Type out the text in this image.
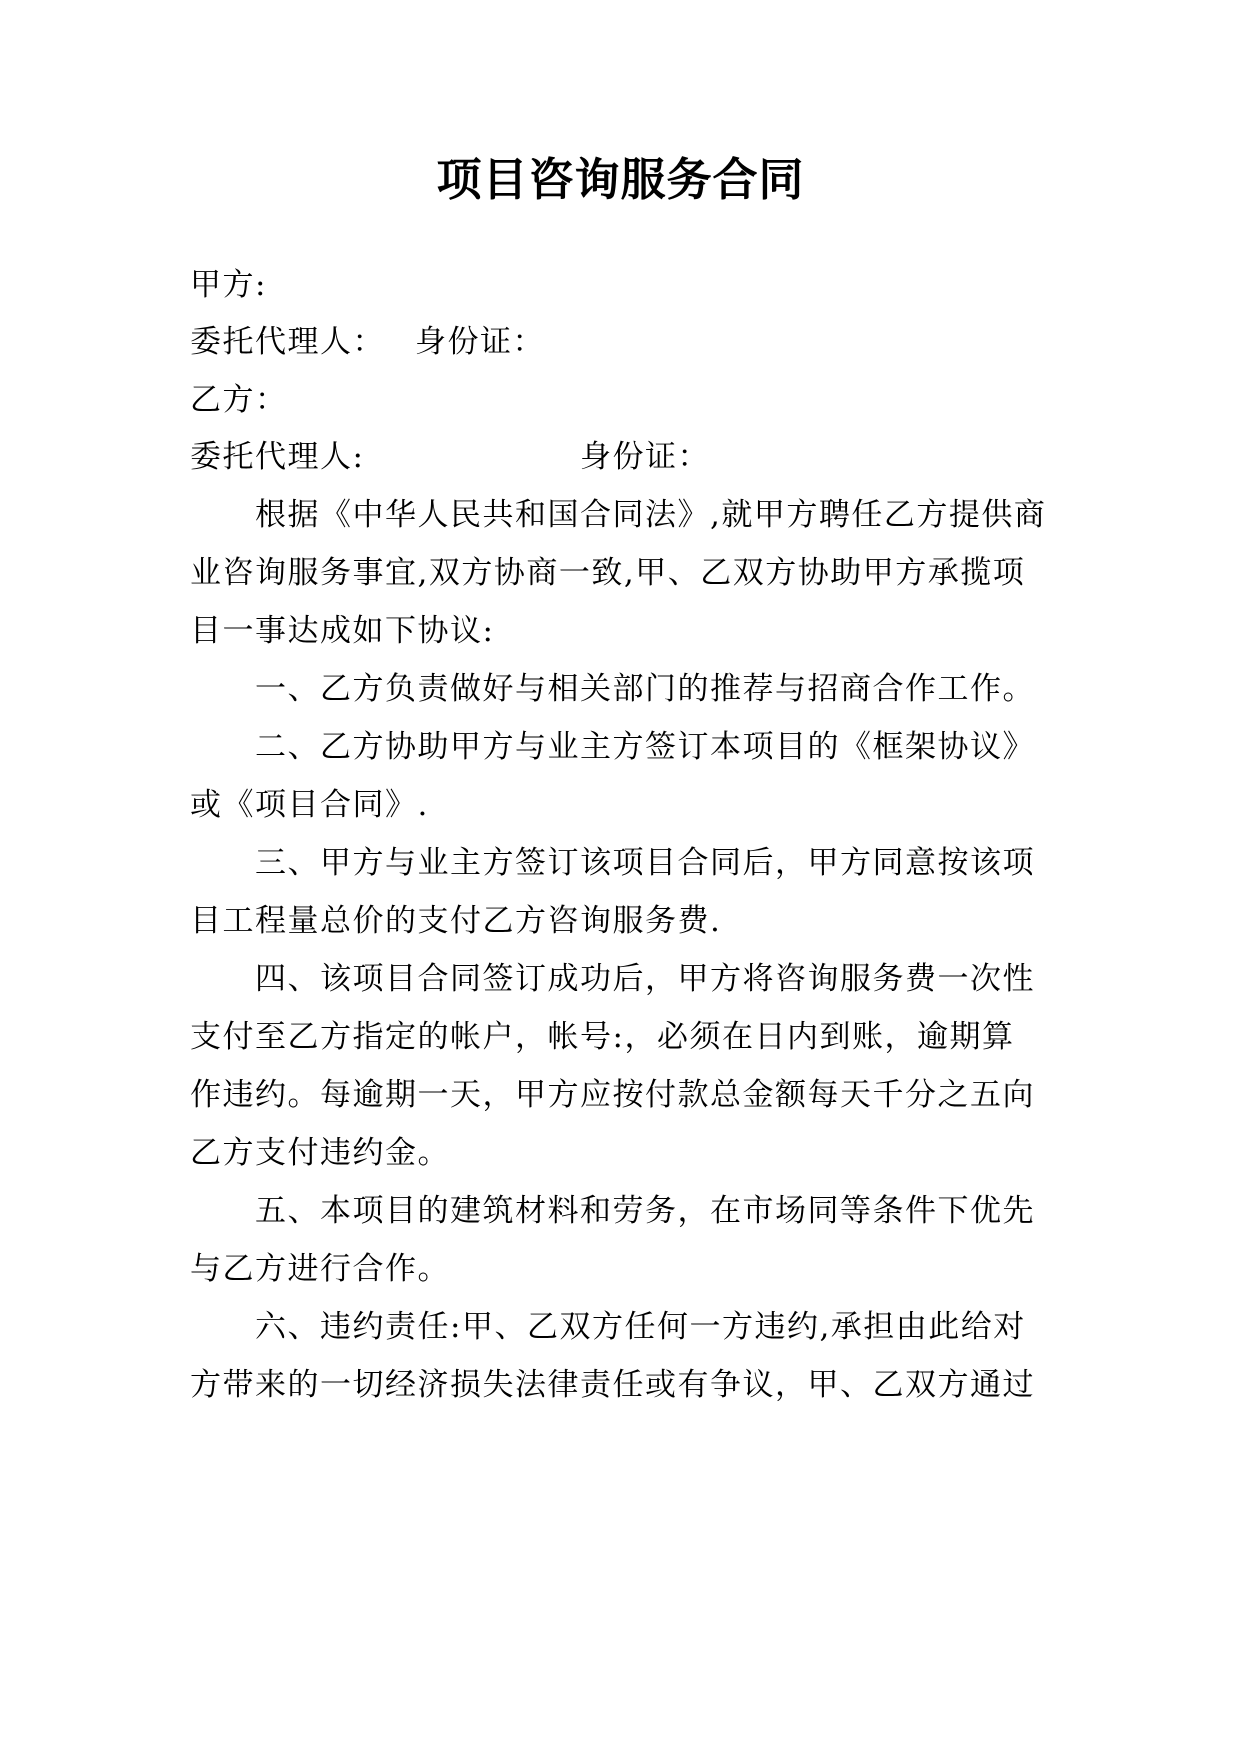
项目咨询服务合同

甲方:

委托代理人： 身份证：

乙方：

委托代理人:	身份证：

根据《中华人民共和国合同法》,就甲方聘任乙方提供商

业咨询服务事宜,双方协商一致,甲、乙双方协助甲方承揽项

目一事达成如下协议:

一、乙方负责做好与相关部门的推荐与招商合作工作。

二、乙方协助甲方与业主方签订本项目的《框架协议》

或《项目合同》.

三、甲方与业主方签订该项目合同后，甲方同意按该项

目工程量总价的支付乙方咨询服务费.

四、该项目合同签订成功后，甲方将咨询服务费一次性

支付至乙方指定的帐户，帐号:，必须在日内到账，逾期算

作违约。每逾期一天，甲方应按付款总金额每天千分之五向

乙方支付违约金。

五、本项目的建筑材料和劳务，在市场同等条件下优先

与乙方进行合作。

六、违约责任:甲、乙双方任何一方违约,承担由此给对

方带来的一切经济损失法律责任或有争议，甲、乙双方通过
